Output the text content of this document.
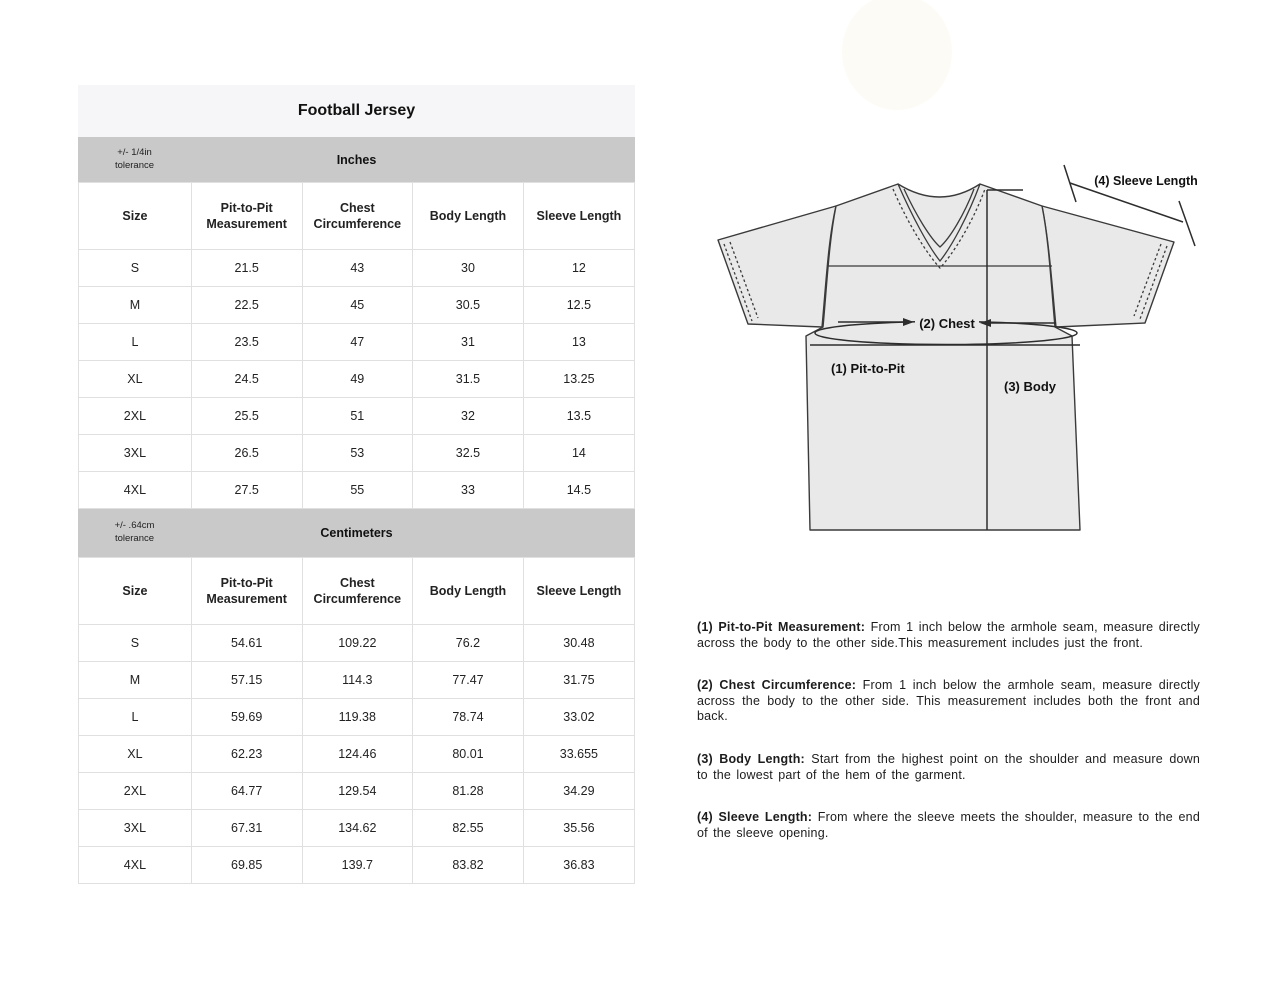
Football Jersey
+/- 1/4in
tolerance	Inches
Size	Pit-to-Pit Measurement	Chest Circumference	Body Length	Sleeve Length
S	21.5	43	30	12
M	22.5	45	30.5	12.5
L	23.5	47	31	13
XL	24.5	49	31.5	13.25
2XL	25.5	51	32	13.5
3XL	26.5	53	32.5	14
4XL	27.5	55	33	14.5
+/- .64cm
tolerance	Centimeters
Size	Pit-to-Pit Measurement	Chest Circumference	Body Length	Sleeve Length
S	54.61	109.22	76.2	30.48
M	57.15	114.3	77.47	31.75
L	59.69	119.38	78.74	33.02
XL	62.23	124.46	80.01	33.655
2XL	64.77	129.54	81.28	34.29
3XL	67.31	134.62	82.55	35.56
4XL	69.85	139.7	83.82	36.83
(1) Pit-to-Pit
(2) Chest
(3) Body
(4) Sleeve Length

(1) Pit-to-Pit Measurement: From 1 inch below the armhole seam, measure directly across the body to the other side.This measurement includes just the front.

(2) Chest Circumference: From 1 inch below the armhole seam, measure directly across the body to the other side. This measurement includes both the front and back.

(3) Body Length: Start from the highest point on the shoulder and measure down to the lowest part of the hem of the garment.

(4) Sleeve Length: From where the sleeve meets the shoulder, measure to the end of the sleeve opening.
